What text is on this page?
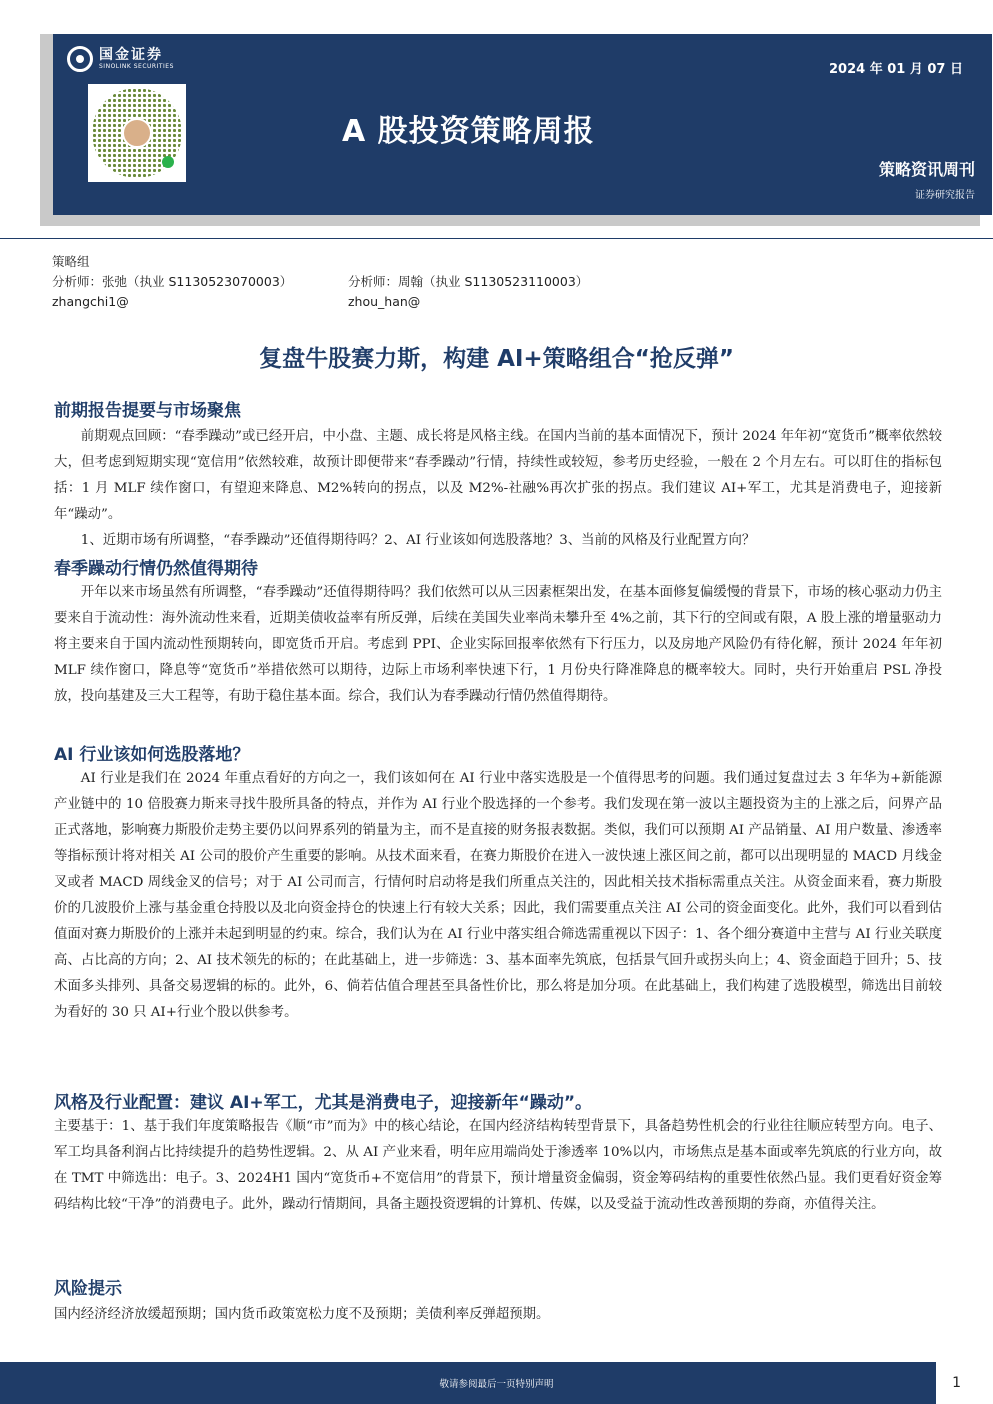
国金证券
SINOLINK SECURITIES	2024 年 01 月 07 日
A 股投资策略周报
策略资讯周刊
证券研究报告
策略组
分析师：张弛（执业 S1130523070003）	分析师：周翰（执业 S1130523110003）
zhangchi1@	zhou_han@
复盘牛股赛力斯，构建 AI+策略组合“抢反弹”
前期报告提要与市场聚焦
前期观点回顾：“春季躁动”或已经开启，中小盘、主题、成长将是风格主线。在国内当前的基本面情况下，预计 2024 年年初“宽货币”概率依然较大，但考虑到短期实现“宽信用”依然较难，故预计即便带来“春季躁动”行情，持续性或较短，参考历史经验，一般在 2 个月左右。可以盯住的指标包括：1 月 MLF 续作窗口，有望迎来降息、M2%转向的拐点，以及 M2%-社融%再次扩张的拐点。我们建议 AI+军工，尤其是消费电子，迎接新年“躁动”。
1、近期市场有所调整，“春季躁动”还值得期待吗？2、AI 行业该如何选股落地？3、当前的风格及行业配置方向？
春季躁动行情仍然值得期待
开年以来市场虽然有所调整，“春季躁动”还值得期待吗？我们依然可以从三因素框架出发，在基本面修复偏缓慢的背景下，市场的核心驱动力仍主要来自于流动性：海外流动性来看，近期美债收益率有所反弹，后续在美国失业率尚未攀升至 4%之前，其下行的空间或有限，A 股上涨的增量驱动力将主要来自于国内流动性预期转向，即宽货币开启。考虑到 PPI、企业实际回报率依然有下行压力，以及房地产风险仍有待化解，预计 2024 年年初 MLF 续作窗口，降息等“宽货币”举措依然可以期待，边际上市场利率快速下行，1 月份央行降准降息的概率较大。同时，央行开始重启 PSL 净投放，投向基建及三大工程等，有助于稳住基本面。综合，我们认为春季躁动行情仍然值得期待。
AI 行业该如何选股落地？
AI 行业是我们在 2024 年重点看好的方向之一，我们该如何在 AI 行业中落实选股是一个值得思考的问题。我们通过复盘过去 3 年华为+新能源产业链中的 10 倍股赛力斯来寻找牛股所具备的特点，并作为 AI 行业个股选择的一个参考。我们发现在第一波以主题投资为主的上涨之后，问界产品正式落地，影响赛力斯股价走势主要仍以问界系列的销量为主，而不是直接的财务报表数据。类似，我们可以预期 AI 产品销量、AI 用户数量、渗透率等指标预计将对相关 AI 公司的股价产生重要的影响。从技术面来看，在赛力斯股价在进入一波快速上涨区间之前，都可以出现明显的 MACD 月线金叉或者 MACD 周线金叉的信号；对于 AI 公司而言，行情何时启动将是我们所重点关注的，因此相关技术指标需重点关注。从资金面来看，赛力斯股价的几波股价上涨与基金重仓持股以及北向资金持仓的快速上行有较大关系；因此，我们需要重点关注 AI 公司的资金面变化。此外，我们可以看到估值面对赛力斯股价的上涨并未起到明显的约束。综合，我们认为在 AI 行业中落实组合筛选需重视以下因子：1、各个细分赛道中主营与 AI 行业关联度高、占比高的方向；2、AI 技术领先的标的；在此基础上，进一步筛选：3、基本面率先筑底，包括景气回升或拐头向上；4、资金面趋于回升；5、技术面多头排列、具备交易逻辑的标的。此外，6、倘若估值合理甚至具备性价比，那么将是加分项。在此基础上，我们构建了选股模型，筛选出目前较为看好的 30 只 AI+行业个股以供参考。
风格及行业配置：建议 AI+军工，尤其是消费电子，迎接新年“躁动”。
主要基于：1、基于我们年度策略报告《顺“市”而为》中的核心结论，在国内经济结构转型背景下，具备趋势性机会的行业往往顺应转型方向。电子、军工均具备利润占比持续提升的趋势性逻辑。2、从 AI 产业来看，明年应用端尚处于渗透率 10%以内，市场焦点是基本面或率先筑底的行业方向，故在 TMT 中筛选出：电子。3、2024H1 国内“宽货币+不宽信用”的背景下，预计增量资金偏弱，资金筹码结构的重要性依然凸显。我们更看好资金筹码结构比较“干净”的消费电子。此外，躁动行情期间，具备主题投资逻辑的计算机、传媒，以及受益于流动性改善预期的券商，亦值得关注。
风险提示
国内经济经济放缓超预期；国内货币政策宽松力度不及预期；美债利率反弹超预期。
敬请参阅最后一页特别声明	1
